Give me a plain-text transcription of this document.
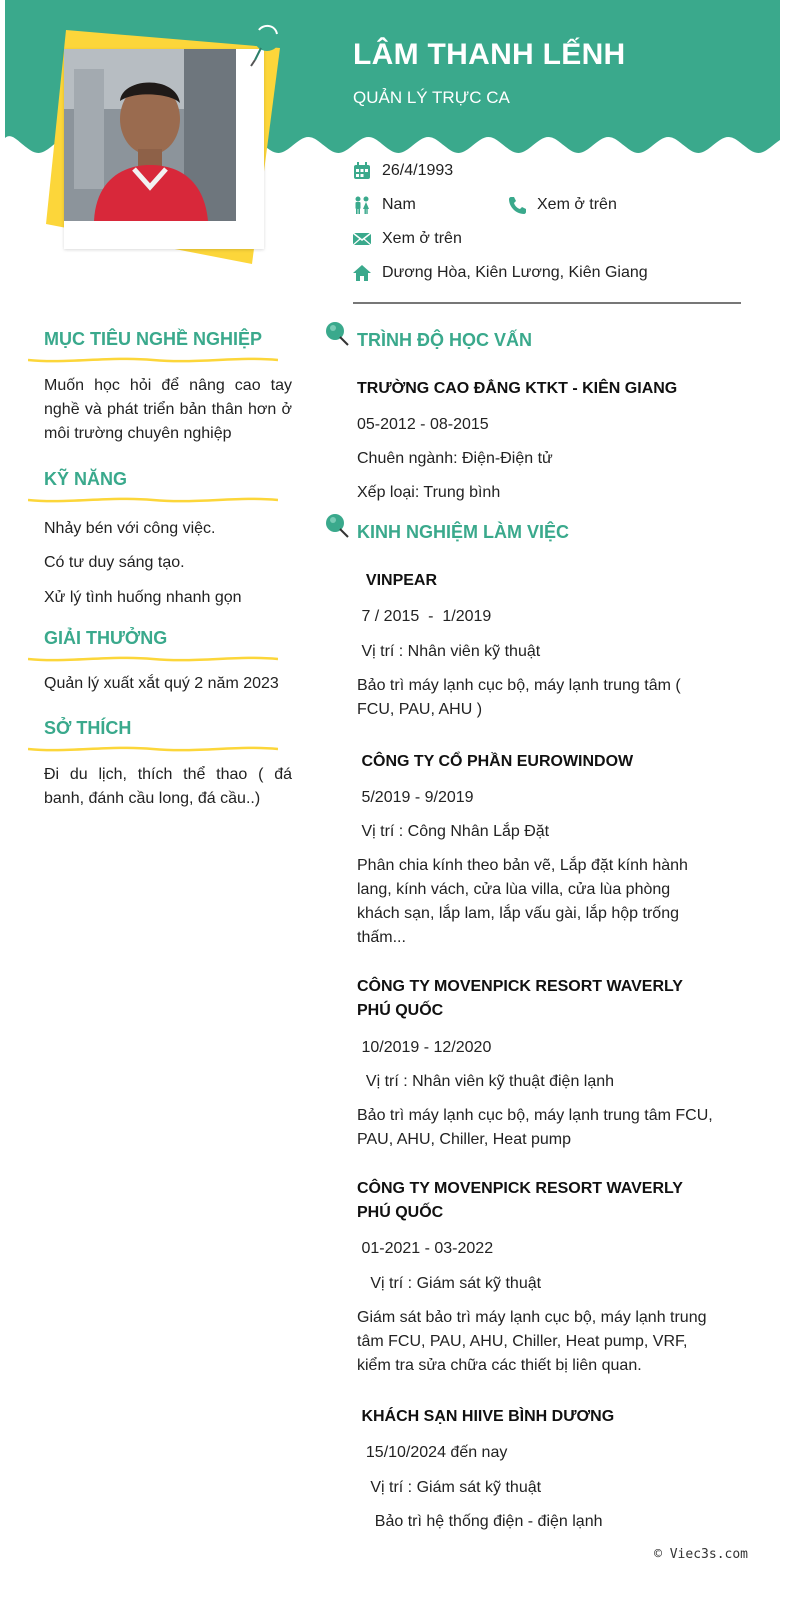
LÂM THANH LẾNH
QUẢN LÝ TRỰC CA
26/4/1993
Nam	Xem ở trên
Xem ở trên
Dương Hòa, Kiên Lương, Kiên Giang
MỤC TIÊU NGHỀ NGHIỆP
Muốn học hỏi để nâng cao tay nghề và phát triển bản thân hơn ở môi trường chuyên nghiệp
KỸ NĂNG
Nhảy bén với công việc.
Có tư duy sáng tạo.
Xử lý tình huống nhanh gọn
GIẢI THƯỞNG
Quản lý xuất xắt quý 2 năm 2023
SỞ THÍCH
Đi du lịch, thích thể thao ( đá banh, đánh cầu long, đá cầu..)
TRÌNH ĐỘ HỌC VẤN
TRƯỜNG CAO ĐẲNG KTKT - KIÊN GIANG
05-2012 - 08-2015
Chuên ngành: Điện-Điện tử
Xếp loại: Trung bình
KINH NGHIỆM LÀM VIỆC
VINPEAR
7 / 2015  -  1/2019
Vị trí : Nhân viên kỹ thuật
Bảo trì máy lạnh cục bộ, máy lạnh trung tâm ( FCU, PAU, AHU )
CÔNG TY CỔ PHẦN EUROWINDOW
5/2019 - 9/2019
Vị trí : Công Nhân Lắp Đặt
Phân chia kính theo bản vẽ, Lắp đặt kính hành lang, kính vách, cửa lùa villa, cửa lùa phòng khách sạn, lắp lam, lắp vấu gài, lắp hộp trống thấm...
CÔNG TY MOVENPICK RESORT WAVERLY PHÚ QUỐC
10/2019 - 12/2020
Vị trí : Nhân viên kỹ thuật điện lạnh
Bảo trì máy lạnh cục bộ, máy lạnh trung tâm FCU, PAU, AHU, Chiller, Heat pump
CÔNG TY MOVENPICK RESORT WAVERLY PHÚ QUỐC
01-2021 - 03-2022
Vị trí : Giám sát kỹ thuật
Giám sát bảo trì máy lạnh cục bộ, máy lạnh trung tâm FCU, PAU, AHU, Chiller, Heat pump, VRF, kiểm tra sửa chữa các thiết bị liên quan.
KHÁCH SẠN HIIVE BÌNH DƯƠNG
15/10/2024 đến nay
Vị trí : Giám sát kỹ thuật
Bảo trì hệ thống điện - điện lạnh
© Viec3s.com
